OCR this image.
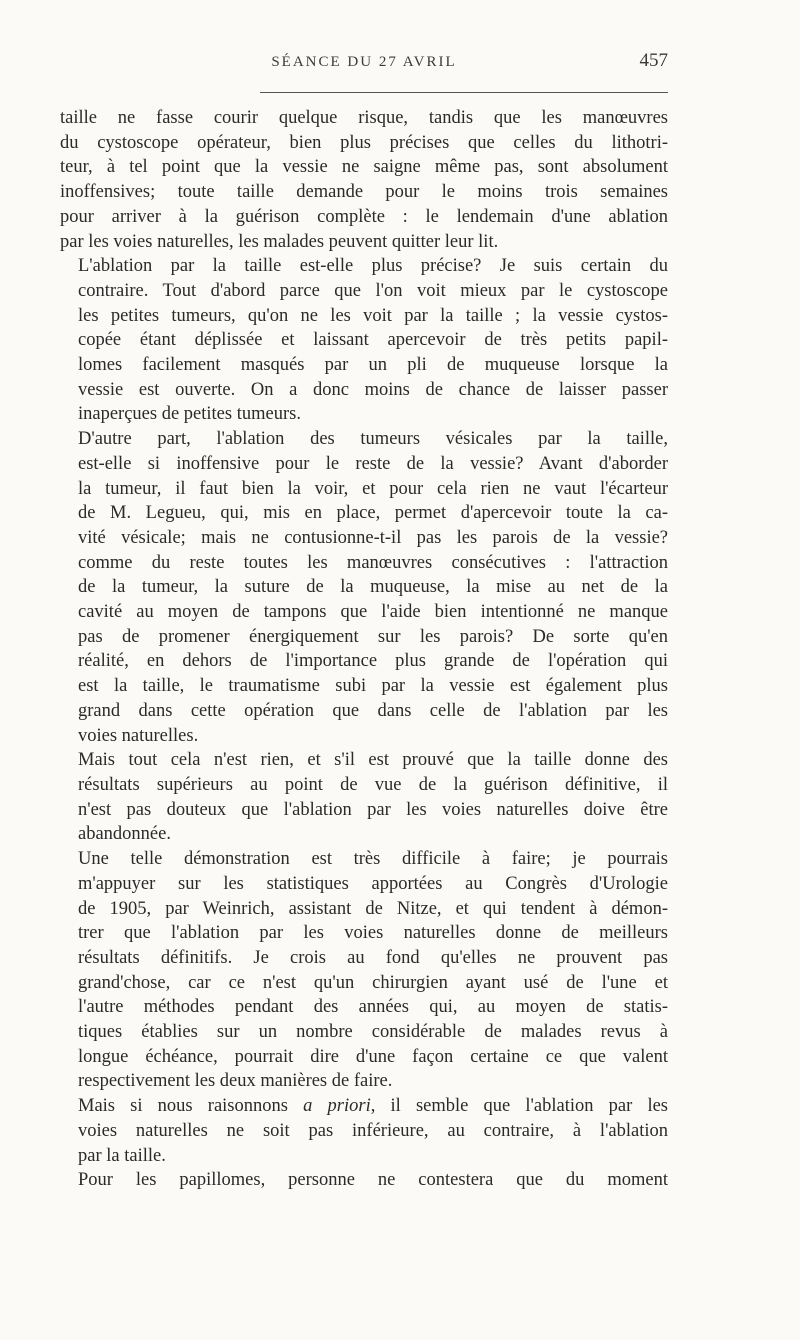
SÉANCE DU 27 AVRIL	457

taille ne fasse courir quelque risque, tandis que les manœuvres
du cystoscope opérateur, bien plus précises que celles du lithotri-
teur, à tel point que la vessie ne saigne même pas, sont absolument
inoffensives; toute taille demande pour le moins trois semaines
pour arriver à la guérison complète : le lendemain d'une ablation
par les voies naturelles, les malades peuvent quitter leur lit.

L'ablation par la taille est-elle plus précise? Je suis certain du
contraire. Tout d'abord parce que l'on voit mieux par le cystoscope
les petites tumeurs, qu'on ne les voit par la taille ; la vessie cystos-
copée étant déplissée et laissant apercevoir de très petits papil-
lomes facilement masqués par un pli de muqueuse lorsque la
vessie est ouverte. On a donc moins de chance de laisser passer
inaperçues de petites tumeurs.

D'autre part, l'ablation des tumeurs vésicales par la taille,
est-elle si inoffensive pour le reste de la vessie? Avant d'aborder
la tumeur, il faut bien la voir, et pour cela rien ne vaut l'écarteur
de M. Legueu, qui, mis en place, permet d'apercevoir toute la ca-
vité vésicale; mais ne contusionne-t-il pas les parois de la vessie?
comme du reste toutes les manœuvres consécutives : l'attraction
de la tumeur, la suture de la muqueuse, la mise au net de la
cavité au moyen de tampons que l'aide bien intentionné ne manque
pas de promener énergiquement sur les parois? De sorte qu'en
réalité, en dehors de l'importance plus grande de l'opération qui
est la taille, le traumatisme subi par la vessie est également plus
grand dans cette opération que dans celle de l'ablation par les
voies naturelles.

Mais tout cela n'est rien, et s'il est prouvé que la taille donne des
résultats supérieurs au point de vue de la guérison définitive, il
n'est pas douteux que l'ablation par les voies naturelles doive être
abandonnée.

Une telle démonstration est très difficile à faire; je pourrais
m'appuyer sur les statistiques apportées au Congrès d'Urologie
de 1905, par Weinrich, assistant de Nitze, et qui tendent à démon-
trer que l'ablation par les voies naturelles donne de meilleurs
résultats définitifs. Je crois au fond qu'elles ne prouvent pas
grand'chose, car ce n'est qu'un chirurgien ayant usé de l'une et
l'autre méthodes pendant des années qui, au moyen de statis-
tiques établies sur un nombre considérable de malades revus à
longue échéance, pourrait dire d'une façon certaine ce que valent
respectivement les deux manières de faire.

Mais si nous raisonnons a priori, il semble que l'ablation par les
voies naturelles ne soit pas inférieure, au contraire, à l'ablation
par la taille.

Pour les papillomes, personne ne contestera que du moment
